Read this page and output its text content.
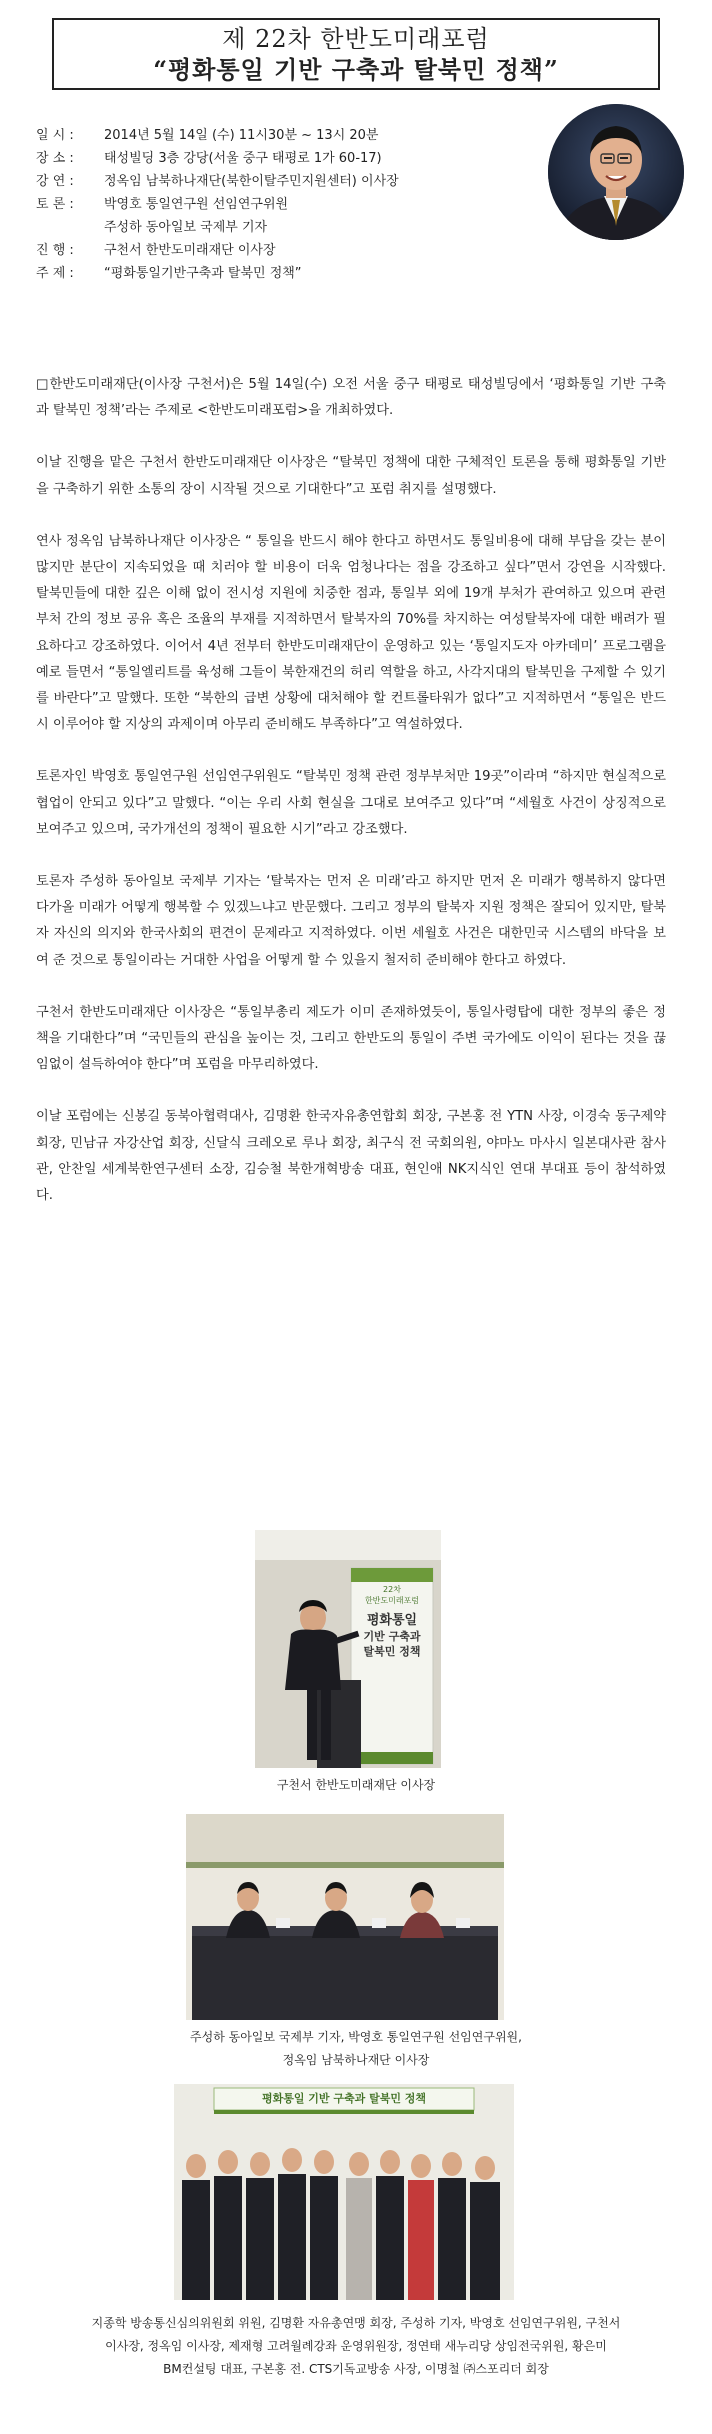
제 22차 한반도미래포럼
“평화통일 기반 구축과 탈북민 정책”
일 시 : 2014년 5월 14일 (수) 11시30분 ~ 13시 20분
장 소 : 태성빌딩 3층 강당(서울 중구 태평로 1가 60-17)
강 연 : 정옥임 남북하나재단(북한이탈주민지원센터) 이사장
토 론 : 박영호 통일연구원 선임연구위원
주성하 동아일보 국제부 기자
진 행 : 구천서 한반도미래재단 이사장
주 제 : “평화통일기반구축과 탈북민 정책”

□한반도미래재단(이사장 구천서)은 5월 14일(수) 오전 서울 중구 태평로 태성빌딩에서 ‘평화통일 기반 구축과 탈북민 정책’라는 주제로 <한반도미래포럼>을 개최하였다.

이날 진행을 맡은 구천서 한반도미래재단 이사장은 “탈북민 정책에 대한 구체적인 토론을 통해 평화통일 기반을 구축하기 위한 소통의 장이 시작될 것으로 기대한다”고 포럼 취지를 설명했다.

연사 정옥임 남북하나재단 이사장은 “ 통일을 반드시 해야 한다고 하면서도 통일비용에 대해 부담을 갖는 분이 많지만 분단이 지속되었을 때 치러야 할 비용이 더욱 엄청나다는 점을 강조하고 싶다”면서 강연을 시작했다. 탈북민들에 대한 깊은 이해 없이 전시성 지원에 치중한 점과, 통일부 외에 19개 부처가 관여하고 있으며 관련부처 간의 정보 공유 혹은 조율의 부재를 지적하면서 탈북자의 70%를 차지하는 여성탈북자에 대한 배려가 필요하다고 강조하였다. 이어서 4년 전부터 한반도미래재단이 운영하고 있는 ‘통일지도자 아카데미’ 프로그램을 예로 들면서 “통일엘리트를 육성해 그들이 북한재건의 허리 역할을 하고, 사각지대의 탈북민을 구제할 수 있기를 바란다”고 말했다. 또한 “북한의 급변 상황에 대처해야 할 컨트롤타워가 없다”고 지적하면서 “통일은 반드시 이루어야 할 지상의 과제이며 아무리 준비해도 부족하다”고 역설하였다.

토론자인 박영호 통일연구원 선임연구위원도 “탈북민 정책 관련 정부부처만 19곳”이라며 “하지만 현실적으로 협업이 안되고 있다”고 말했다. “이는 우리 사회 현실을 그대로 보여주고 있다”며 “세월호 사건이 상징적으로 보여주고 있으며, 국가개선의 정책이 필요한 시기”라고 강조했다.

토론자 주성하 동아일보 국제부 기자는 ‘탈북자는 먼저 온 미래’라고 하지만 먼저 온 미래가 행복하지 않다면 다가올 미래가 어떻게 행복할 수 있겠느냐고 반문했다. 그리고 정부의 탈북자 지원 정책은 잘되어 있지만, 탈북자 자신의 의지와 한국사회의 편견이 문제라고 지적하였다. 이번 세월호 사건은 대한민국 시스템의 바닥을 보여 준 것으로 통일이라는 거대한 사업을 어떻게 할 수 있을지 철저히 준비해야 한다고 하였다.

구천서 한반도미래재단 이사장은 “통일부총리 제도가 이미 존재하였듯이, 통일사령탑에 대한 정부의 좋은 정책을 기대한다”며 “국민들의 관심을 높이는 것, 그리고 한반도의 통일이 주변 국가에도 이익이 된다는 것을 끊임없이 설득하여야 한다”며 포럼을 마무리하였다.

이날 포럼에는 신봉길 동북아협력대사, 김명환 한국자유총연합회 회장, 구본홍 전 YTN 사장, 이경숙 동구제약 회장, 민남규 자강산업 회장, 신달식 크레오로 루나 회장, 최구식 전 국회의원, 야마노 마사시 일본대사관 참사관, 안찬일 세계북한연구센터 소장, 김승철 북한개혁방송 대표, 현인애 NK지식인 연대 부대표 등이 참석하였다.

22차
한반도미래포럼
평화통일
기반 구축과
탈북민 정책
구천서 한반도미래재단 이사장
주성하 동아일보 국제부 기자, 박영호 통일연구원 선임연구위원,
정옥임 남북하나재단 이사장
평화통일 기반 구축과 탈북민 정책
지종학 방송통신심의위원회 위원, 김명환 자유총연맹 회장, 주성하 기자, 박영호 선임연구위원, 구천서
이사장, 정옥임 이사장, 제재형 고려월례강좌 운영위원장, 정연태 새누리당 상임전국위원, 황은미
BM컨설팅 대표, 구본홍 전. CTS기독교방송 사장, 이명철 ㈜스포리더 회장
